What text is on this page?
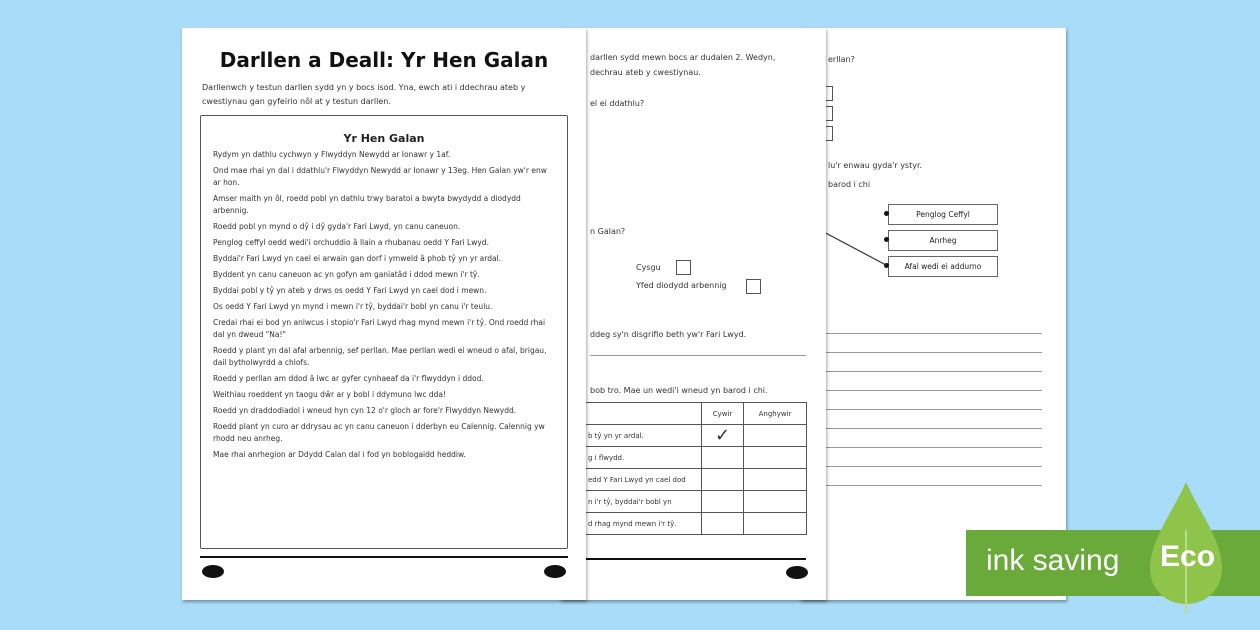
erllan?
lu'r enwau gyda'r ystyr.
barod i chi
Penglog Ceffyl
Anrheg
Afal wedi ei addurno
darllen sydd mewn bocs ar dudalen 2. Wedyn,
dechrau ateb y cwestiynau.
el ei ddathlu?
n Galan?
Cysgu
Yfed diodydd arbennig
ddeg sy'n disgrifio beth yw'r Fari Lwyd.
bob tro. Mae un wedi'i wneud yn barod i chi.
	Cywir	Anghywir
b tŷ yn yr ardal.	✓	
g i flwydd.		
edd Y Fari Lwyd yn cael dod		
n i'r tŷ, byddai'r bobl yn		
d rhag mynd mewn i'r tŷ.		
Darllen a Deall: Yr Hen Galan
Darllenwch y testun darllen sydd yn y bocs isod. Yna, ewch ati i ddechrau ateb y cwestiynau gan gyfeirio nôl at y testun darllen.
Yr Hen Galan
Rydym yn dathlu cychwyn y Flwyddyn Newydd ar Ionawr y 1af.
Ond mae rhai yn dal i ddathlu'r Flwyddyn Newydd ar Ionawr y 13eg. Hen Galan yw'r enw ar hon.
Amser maith yn ôl, roedd pobl yn dathlu trwy baratoi a bwyta bwydydd a diodydd arbennig.
Roedd pobl yn mynd o dŷ i dŷ gyda'r Fari Lwyd, yn canu caneuon.
Penglog ceffyl oedd wedi'i orchuddio â llain a rhubanau oedd Y Fari Lwyd.
Byddai'r Fari Lwyd yn cael ei arwain gan dorf i ymweld â phob tŷ yn yr ardal.
Byddent yn canu caneuon ac yn gofyn am ganiatâd i ddod mewn i'r tŷ.
Byddai pobl y tŷ yn ateb y drws os oedd Y Fari Lwyd yn cael dod i mewn.
Os oedd Y Fari Lwyd yn mynd i mewn i'r tŷ, byddai'r bobl yn canu i'r teulu.
Credai rhai ei bod yn anlwcus i stopio'r Fari Lwyd rhag mynd mewn i'r tŷ. Ond roedd rhai dal yn dweud "Na!"
Roedd y plant yn dal afal arbennig, sef perllan. Mae perllan wedi ei wneud o afal, brigau, dail bytholwyrdd a chlofs.
Roedd y perllan am ddod â lwc ar gyfer cynhaeaf da i'r flwyddyn i ddod.
Weithiau roeddent yn taogu dŵr ar y bobl i ddymuno lwc dda!
Roedd yn draddodiadol i wneud hyn cyn 12 o'r gloch ar fore'r Flwyddyn Newydd.
Roedd plant yn curo ar ddrysau ac yn canu caneuon i dderbyn eu Calennig. Calennig yw rhodd neu anrheg.
Mae rhai anrhegion ar Ddydd Calan dal i fod yn boblogaidd heddiw.
ink saving Eco
